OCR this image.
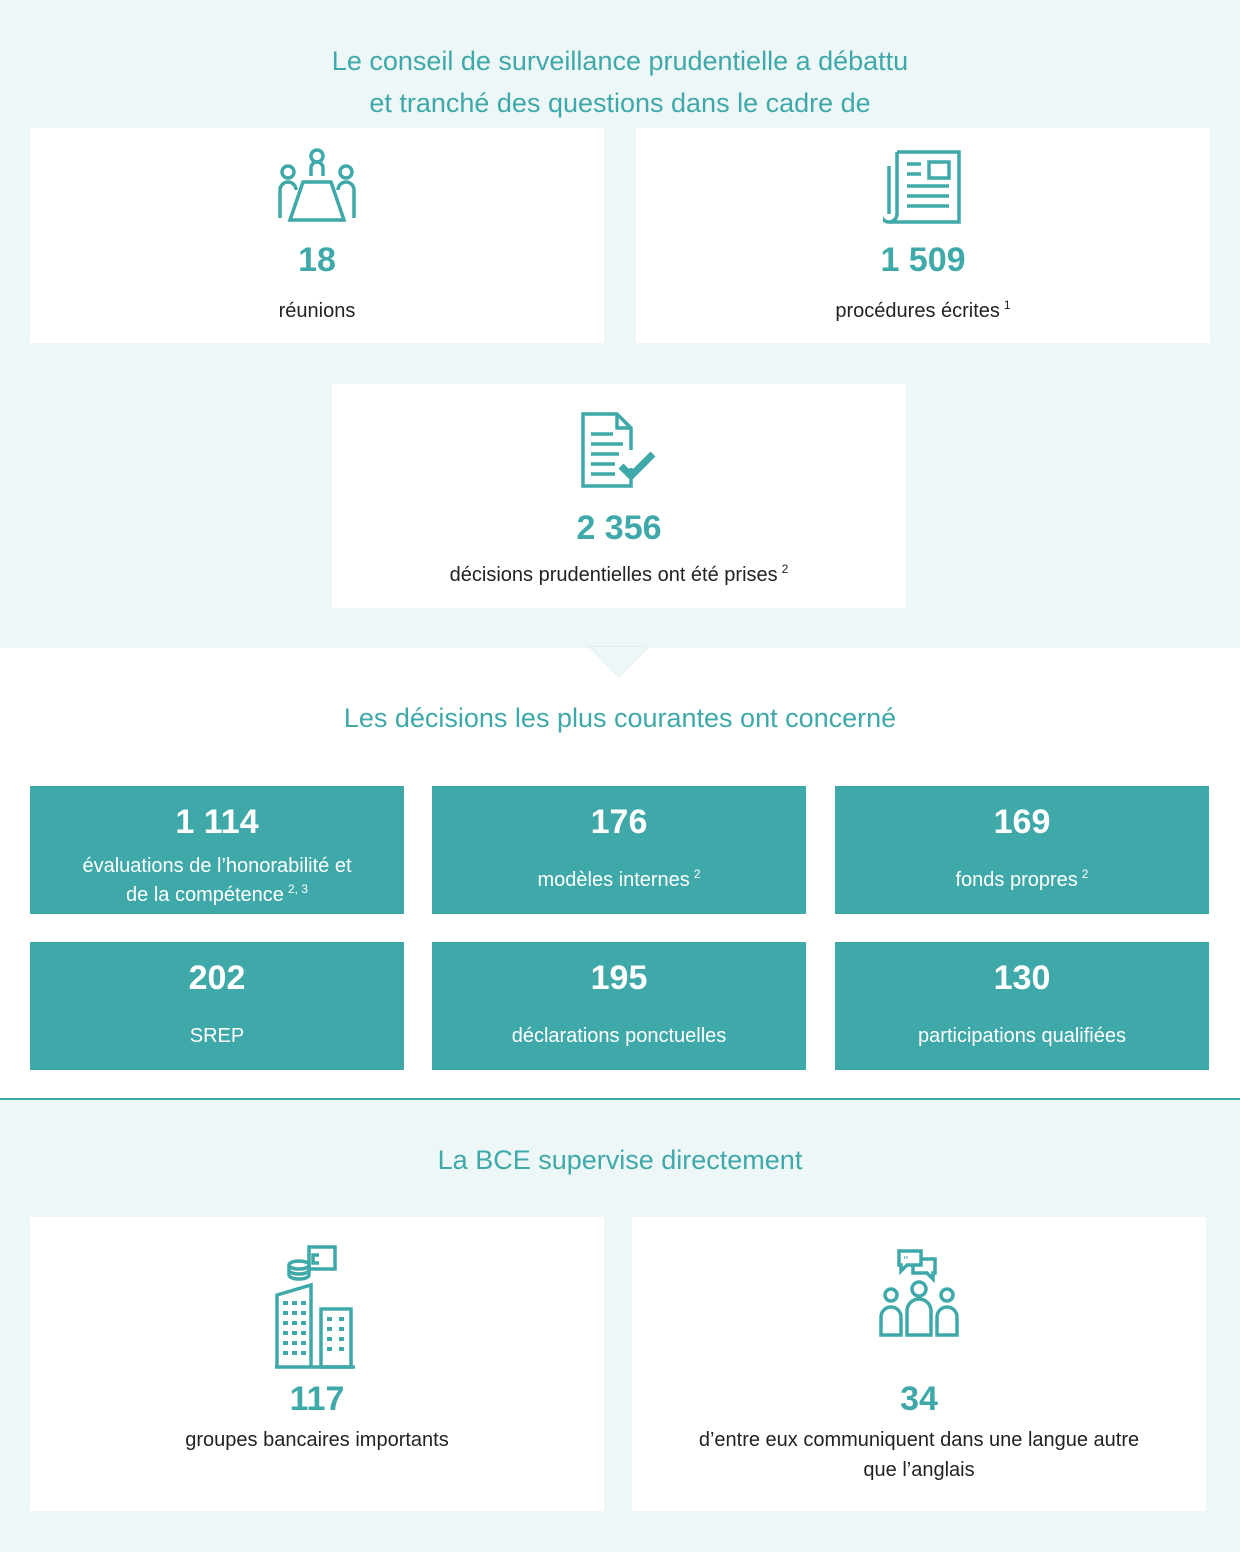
Le conseil de surveillance prudentielle a débattu
et tranché des questions dans le cadre de
18
réunions
1 509
procédures écrites $^1$
2 356
décisions prudentielles ont été prises $^2$
Les décisions les plus courantes ont concerné
1 114
évaluations de l’honorabilité et
de la compétence $^{2, 3}$
176
modèles internes $^2$
169
fonds propres $^2$
202
SREP
195
déclarations ponctuelles
130
participations qualifiées
La BCE supervise directement
117
groupes bancaires importants
“
34
d’entre eux communiquent dans une langue autre
que l’anglais
